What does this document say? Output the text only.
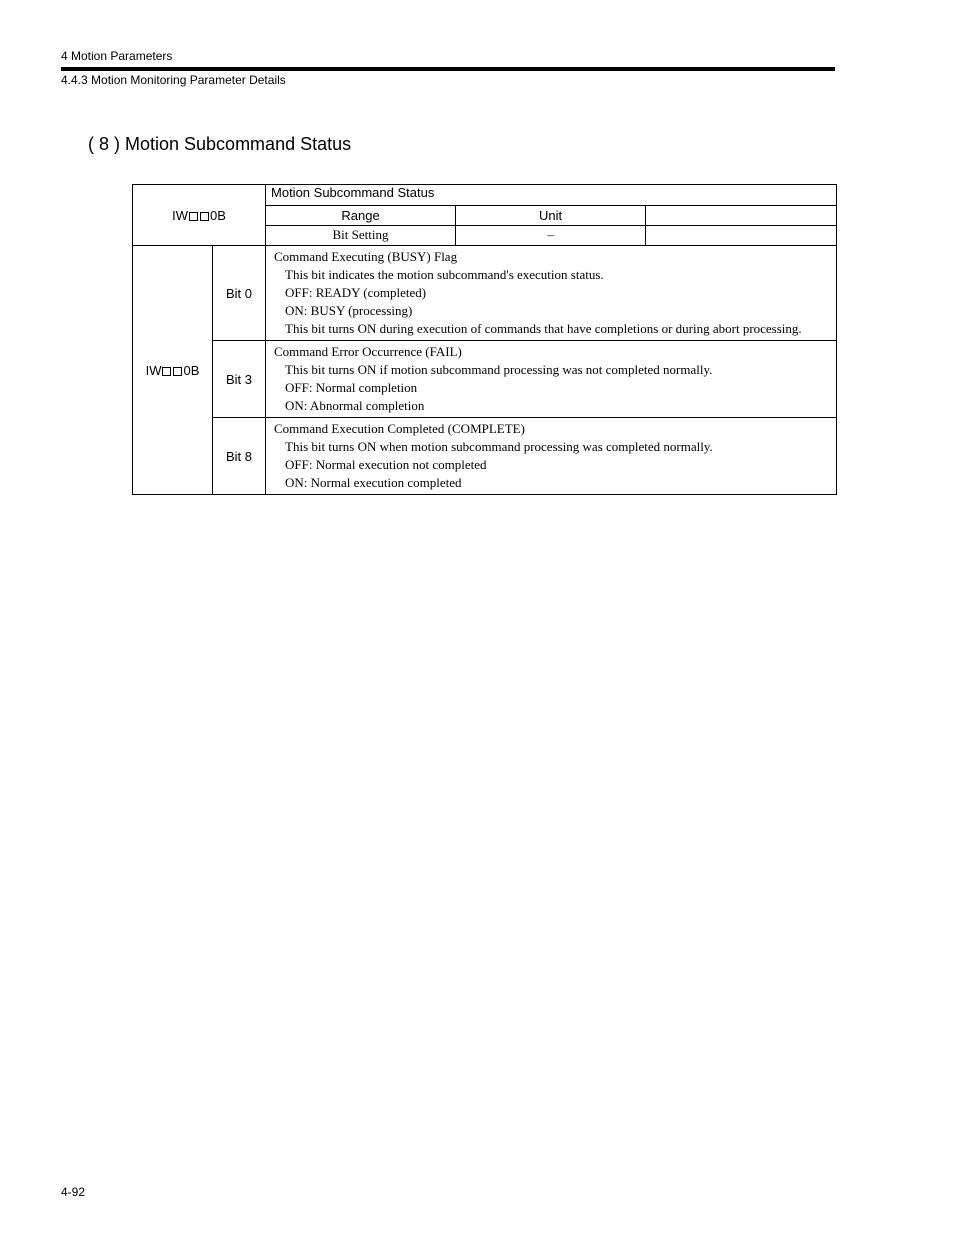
4 Motion Parameters
4.4.3 Motion Monitoring Parameter Details
( 8 ) Motion Subcommand Status
IW 0B		Motion Subcommand Status		
		Range	Unit	
		Bit Setting	–	
IW 0B	Bit 0	Command Executing (BUSY) Flag
This bit indicates the motion subcommand's execution status.
OFF: READY (completed)
ON: BUSY (processing)
This bit turns ON during execution of commands that have completions or during abort processing.		

	Bit 3	Command Error Occurrence (FAIL)
This bit turns ON if motion subcommand processing was not completed normally.
OFF: Normal completion
ON: Abnormal completion		

	Bit 8	Command Execution Completed (COMPLETE)
This bit turns ON when motion subcommand processing was completed normally.
OFF: Normal execution not completed
ON: Normal execution completed		
4-92
